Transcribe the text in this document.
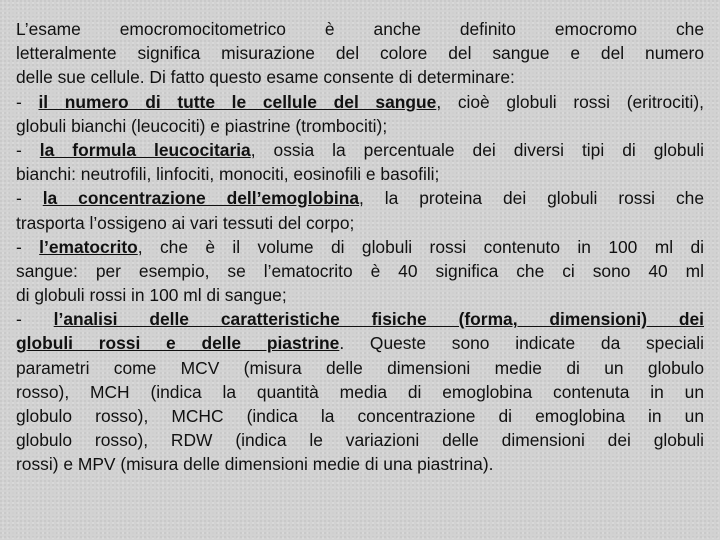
L’esame emocromocitometrico è anche definito emocromo che
letteralmente significa misurazione del colore del sangue e del numero
delle sue cellule. Di fatto questo esame consente di determinare:
- il numero di tutte le cellule del sangue, cioè globuli rossi (eritrociti),
globuli bianchi (leucociti) e piastrine (trombociti);
- la formula leucocitaria, ossia la percentuale dei diversi tipi di globuli
bianchi: neutrofili, linfociti, monociti, eosinofili e basofili;
- la concentrazione dell’emoglobina, la proteina dei globuli rossi che
trasporta l’ossigeno ai vari tessuti del corpo;
- l’ematocrito, che è il volume di globuli rossi contenuto in 100 ml di
sangue: per esempio, se l’ematocrito è 40 significa che ci sono 40 ml
di globuli rossi in 100 ml di sangue;
- l’analisi delle caratteristiche fisiche (forma, dimensioni) dei
globuli rossi e delle piastrine. Queste sono indicate da speciali
parametri come MCV (misura delle dimensioni medie di un globulo
rosso), MCH (indica la quantità media di emoglobina contenuta in un
globulo rosso), MCHC (indica la concentrazione di emoglobina in un
globulo rosso), RDW (indica le variazioni delle dimensioni dei globuli
rossi) e MPV (misura delle dimensioni medie di una piastrina).
